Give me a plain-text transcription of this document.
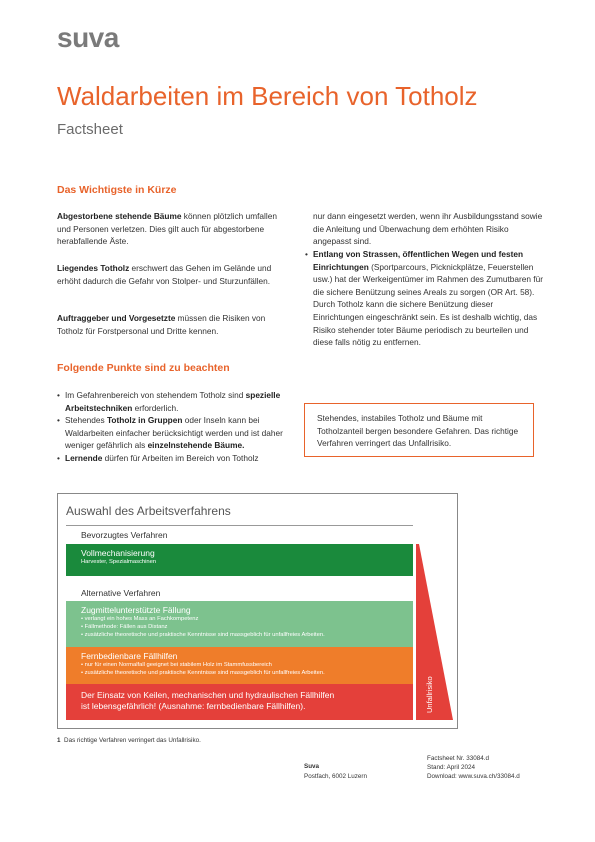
suva
Waldarbeiten im Bereich von Totholz
Factsheet
Das Wichtigste in Kürze
Abgestorbene stehende Bäume können plötzlich umfallen und Personen verletzen. Dies gilt auch für abgestorbene herabfallende Äste.
Liegendes Totholz erschwert das Gehen im Gelände und erhöht dadurch die Gefahr von Stolper- und Sturzunfällen.
Auftraggeber und Vorgesetzte müssen die Risiken von Totholz für Forstpersonal und Dritte kennen.
Folgende Punkte sind zu beachten
• Im Gefahrenbereich von stehendem Totholz sind spezielle Arbeitstechniken erforderlich.
• Stehendes Totholz in Gruppen oder Inseln kann bei Waldarbeiten einfacher berücksichtigt werden und ist daher weniger gefährlich als einzelnstehende Bäume.
• Lernende dürfen für Arbeiten im Bereich von Totholz
nur dann eingesetzt werden, wenn ihr Ausbildungsstand sowie die Anleitung und Überwachung dem erhöhten Risiko angepasst sind.
• Entlang von Strassen, öffentlichen Wegen und festen Einrichtungen (Sportparcours, Picknickplätze, Feuerstellen usw.) hat der Werkeigentümer im Rahmen des Zumutbaren für die sichere Benützung seines Areals zu sorgen (OR Art. 58). Durch Totholz kann die sichere Benützung dieser Einrichtungen eingeschränkt sein. Es ist deshalb wichtig, das Risiko stehender toter Bäume periodisch zu beurteilen und diese falls nötig zu entfernen.
Stehendes, instabiles Totholz und Bäume mit Totholzanteil bergen besondere Gefahren. Das richtige Verfahren verringert das Unfallrisiko.
Auswahl des Arbeitsverfahrens
Bevorzugtes Verfahren
Vollmechanisierung
Harvester, Spezialmaschinen
Alternative Verfahren
Zugmittelunterstützte Fällung
• verlangt ein hohes Mass an Fachkompetenz
• Fällmethode: Fällen aus Distanz
• zusätzliche theoretische und praktische Kenntnisse sind massgeblich für unfallfreies Arbeiten.
Fernbedienbare Fällhilfen
• nur für einen Normalfall geeignet bei stabilem Holz im Stammfussbereich
• zusätzliche theoretische und praktische Kenntnisse sind massgeblich für unfallfreies Arbeiten.
Der Einsatz von Keilen, mechanischen und hydraulischen Fällhilfen
ist lebensgefährlich! (Ausnahme: fernbedienbare Fällhilfen).	Unfallrisiko
1 Das richtige Verfahren verringert das Unfallrisiko.
Suva
Postfach, 6002 Luzern
Factsheet Nr. 33084.d
Stand: April 2024
Download: www.suva.ch/33084.d
